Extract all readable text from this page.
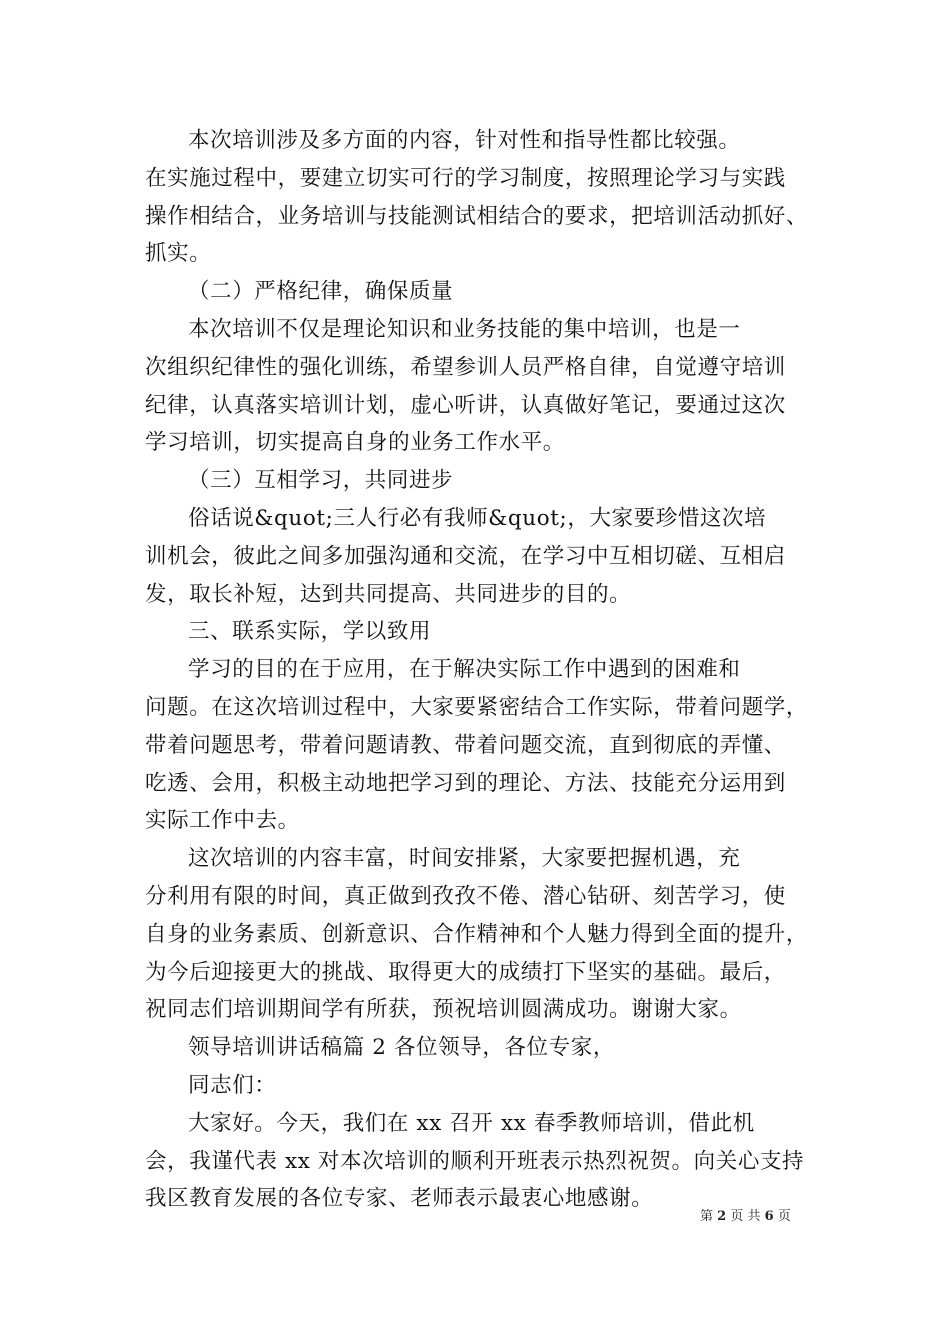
本次培训涉及多方面的内容，针对性和指导性都比较强。
在实施过程中，要建立切实可行的学习制度，按照理论学习与实践
操作相结合，业务培训与技能测试相结合的要求，把培训活动抓好、
抓实。

（二）严格纪律，确保质量

本次培训不仅是理论知识和业务技能的集中培训，也是一
次组织纪律性的强化训练，希望参训人员严格自律，自觉遵守培训
纪律，认真落实培训计划，虚心听讲，认真做好笔记，要通过这次
学习培训，切实提高自身的业务工作水平。

（三）互相学习，共同进步

俗话说&quot;三人行必有我师&quot;，大家要珍惜这次培
训机会，彼此之间多加强沟通和交流，在学习中互相切磋、互相启
发，取长补短，达到共同提高、共同进步的目的。

三、联系实际，学以致用

学习的目的在于应用，在于解决实际工作中遇到的困难和
问题。在这次培训过程中，大家要紧密结合工作实际，带着问题学，
带着问题思考，带着问题请教、带着问题交流，直到彻底的弄懂、
吃透、会用，积极主动地把学习到的理论、方法、技能充分运用到
实际工作中去。

这次培训的内容丰富，时间安排紧，大家要把握机遇，充
分利用有限的时间，真正做到孜孜不倦、潜心钻研、刻苦学习，使
自身的业务素质、创新意识、合作精神和个人魅力得到全面的提升，
为今后迎接更大的挑战、取得更大的成绩打下坚实的基础。最后，
祝同志们培训期间学有所获，预祝培训圆满成功。谢谢大家。

领导培训讲话稿篇 2 各位领导，各位专家，

同志们：

大家好。今天，我们在 xx 召开 xx 春季教师培训，借此机
会，我谨代表 xx 对本次培训的顺利开班表示热烈祝贺。向关心支持
我区教育发展的各位专家、老师表示最衷心地感谢。

第 2 页 共 6 页
